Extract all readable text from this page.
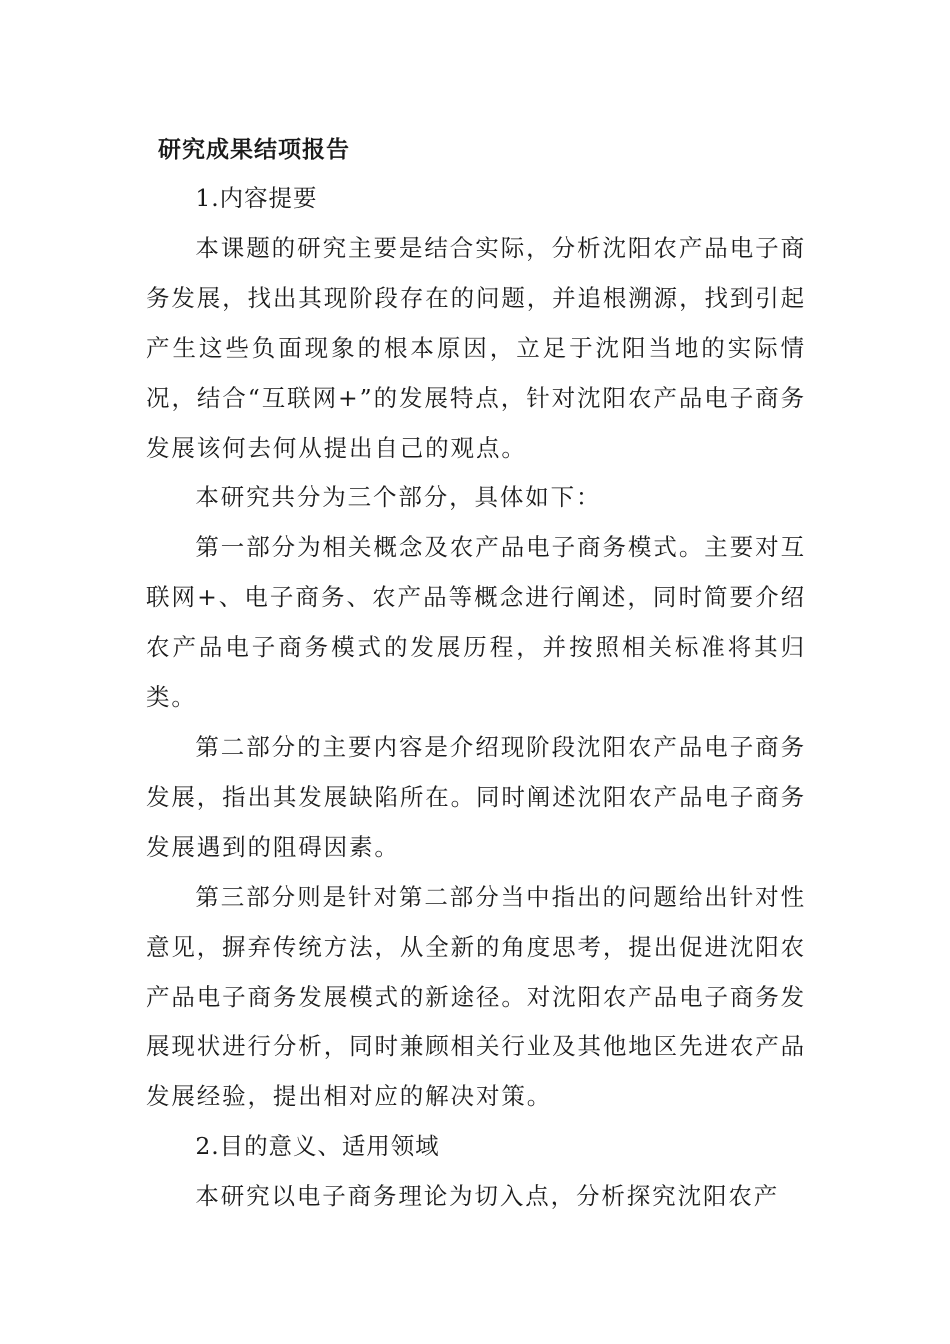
研究成果结项报告

1.内容提要

本课题的研究主要是结合实际，分析沈阳农产品电子商务发展，找出其现阶段存在的问题，并追根溯源，找到引起产生这些负面现象的根本原因，立足于沈阳当地的实际情况，结合“互联网+”的发展特点，针对沈阳农产品电子商务发展该何去何从提出自己的观点。

本研究共分为三个部分，具体如下：

第一部分为相关概念及农产品电子商务模式。主要对互联网+、电子商务、农产品等概念进行阐述，同时简要介绍农产品电子商务模式的发展历程，并按照相关标准将其归类。

第二部分的主要内容是介绍现阶段沈阳农产品电子商务发展，指出其发展缺陷所在。同时阐述沈阳农产品电子商务发展遇到的阻碍因素。

第三部分则是针对第二部分当中指出的问题给出针对性意见，摒弃传统方法，从全新的角度思考，提出促进沈阳农产品电子商务发展模式的新途径。对沈阳农产品电子商务发展现状进行分析，同时兼顾相关行业及其他地区先进农产品发展经验，提出相对应的解决对策。

2.目的意义、适用领域

本研究以电子商务理论为切入点，分析探究沈阳农产
